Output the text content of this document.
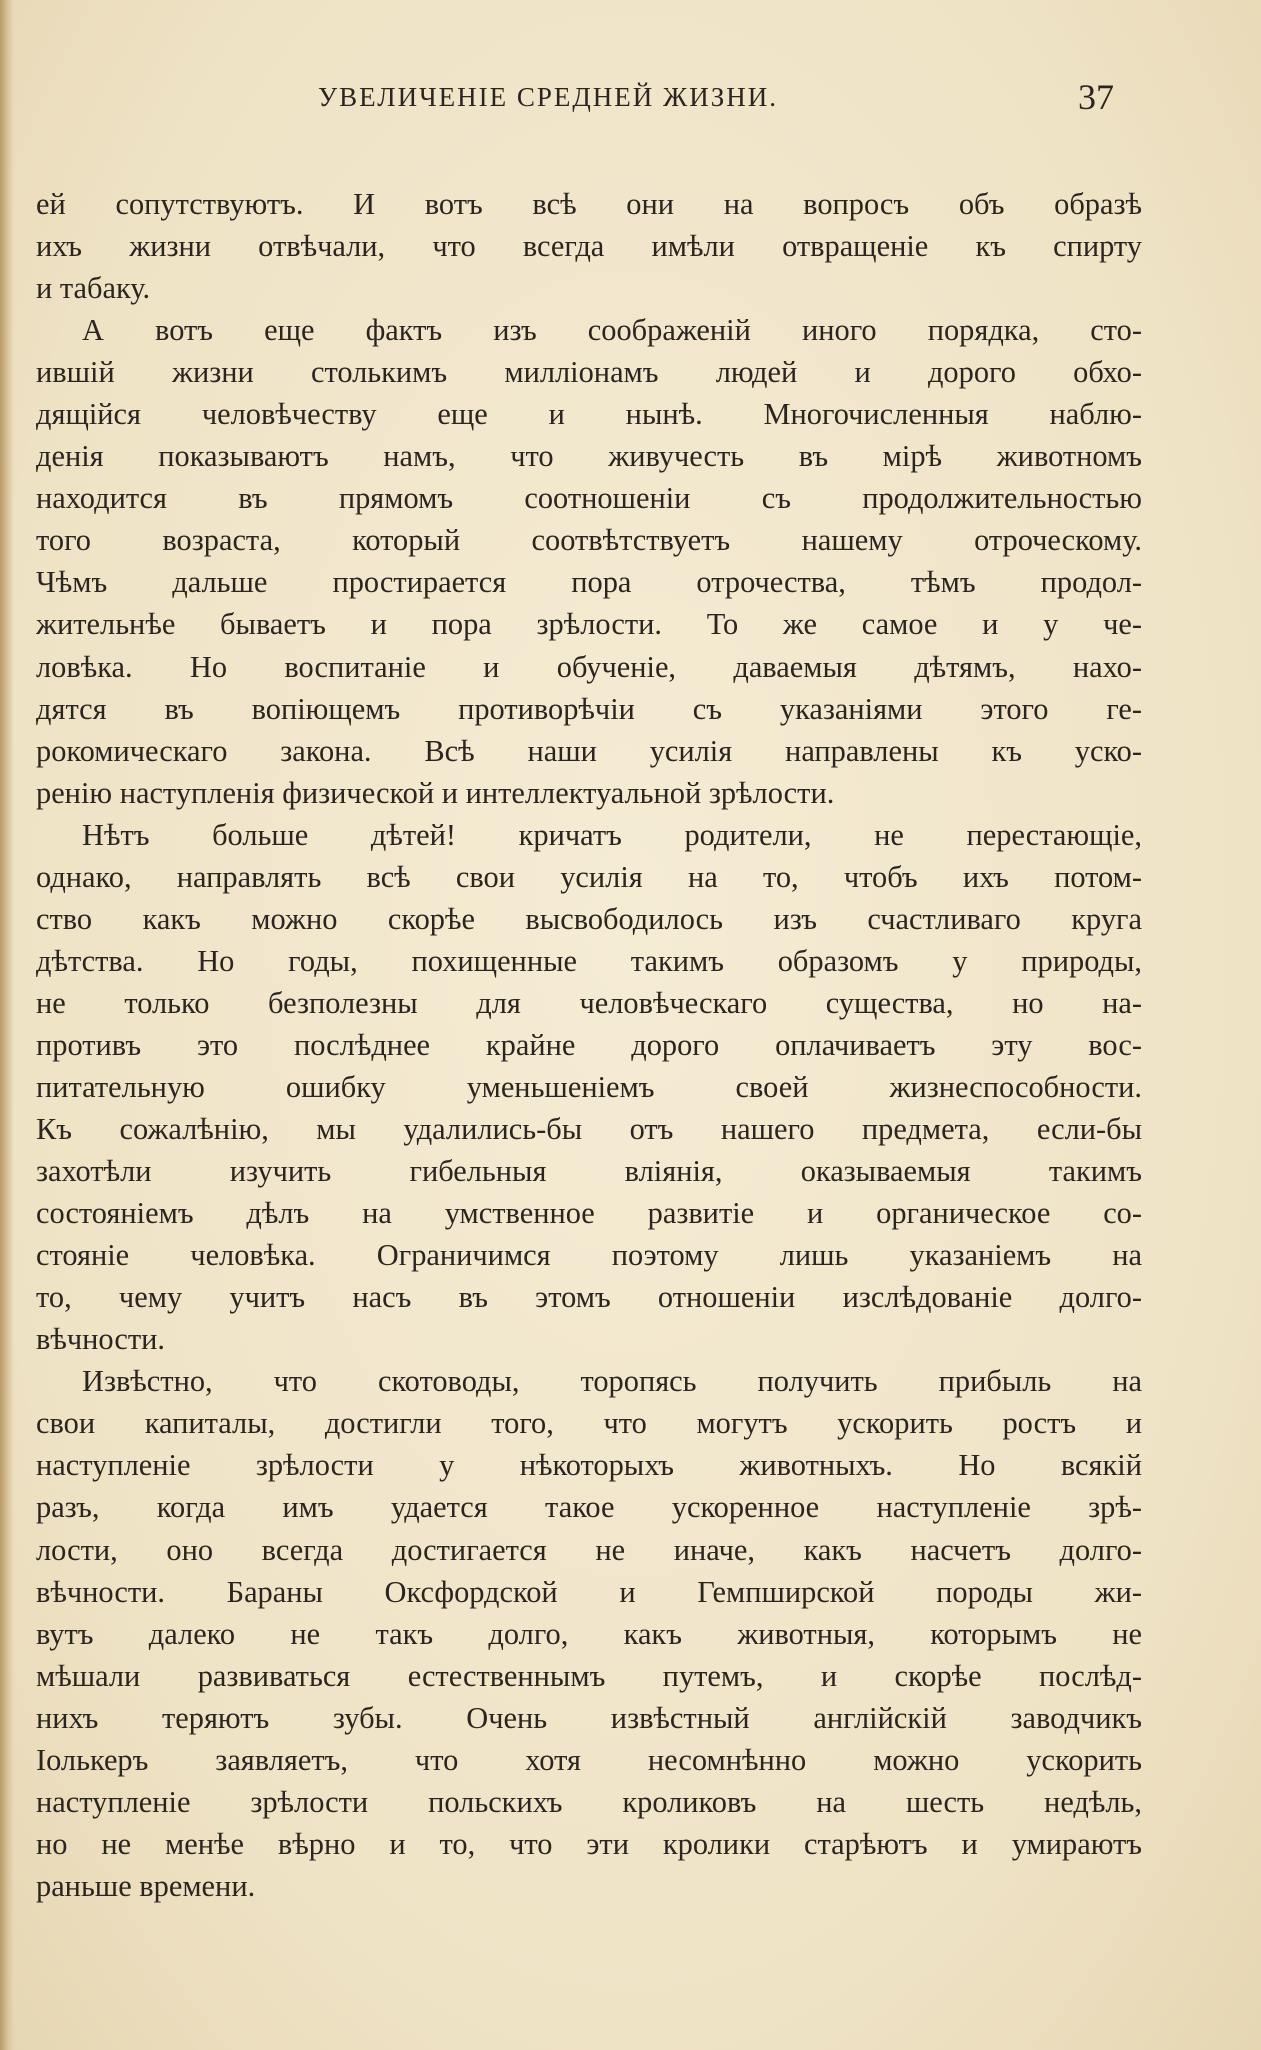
УВЕЛИЧЕНІЕ СРЕДНЕЙ ЖИЗНИ.	37
ей сопутствуютъ. И вотъ всѣ они на вопросъ объ образѣ
ихъ жизни отвѣчали, что всегда имѣли отвращеніе къ спирту
и табаку.
А вотъ еще фактъ изъ соображеній иного порядка, сто-
ившій жизни столькимъ милліонамъ людей и дорого обхо-
дящійся человѣчеству еще и нынѣ. Многочисленныя наблю-
денія показываютъ намъ, что живучесть въ мірѣ животномъ
находится въ прямомъ соотношеніи съ продолжительностью
того возраста, который соотвѣтствуетъ нашему отроческому.
Чѣмъ дальше простирается пора отрочества, тѣмъ продол-
жительнѣе бываетъ и пора зрѣлости. То же самое и у че-
ловѣка. Но воспитаніе и обученіе, даваемыя дѣтямъ, нахо-
дятся въ вопіющемъ противорѣчіи съ указаніями этого ге-
рокомическаго закона. Всѣ наши усилія направлены къ уско-
ренію наступленія физической и интеллектуальной зрѣлости.
Нѣтъ больше дѣтей! кричатъ родители, не перестающіе,
однако, направлять всѣ свои усилія на то, чтобъ ихъ потом-
ство какъ можно скорѣе высвободилось изъ счастливаго круга
дѣтства. Но годы, похищенные такимъ образомъ у природы,
не только безполезны для человѣческаго существа, но на-
противъ это послѣднее крайне дорого оплачиваетъ эту вос-
питательную ошибку уменьшеніемъ своей жизнеспособности.
Къ сожалѣнію, мы удалились-бы отъ нашего предмета, если-бы
захотѣли изучить гибельныя вліянія, оказываемыя такимъ
состояніемъ дѣлъ на умственное развитіе и органическое со-
стояніе человѣка. Ограничимся поэтому лишь указаніемъ на
то, чему учитъ насъ въ этомъ отношеніи изслѣдованіе долго-
вѣчности.
Извѣстно, что скотоводы, торопясь получить прибыль на
свои капиталы, достигли того, что могутъ ускорить ростъ и
наступленіе зрѣлости у нѣкоторыхъ животныхъ. Но всякій
разъ, когда имъ удается такое ускоренное наступленіе зрѣ-
лости, оно всегда достигается не иначе, какъ насчетъ долго-
вѣчности. Бараны Оксфордской и Гемпширской породы жи-
вутъ далеко не такъ долго, какъ животныя, которымъ не
мѣшали развиваться естественнымъ путемъ, и скорѣе послѣд-
нихъ теряютъ зубы. Очень извѣстный англійскій заводчикъ
Іолькеръ заявляетъ, что хотя несомнѣнно можно ускорить
наступленіе зрѣлости польскихъ кроликовъ на шесть недѣль,
но не менѣе вѣрно и то, что эти кролики старѣютъ и умираютъ
раньше времени.
